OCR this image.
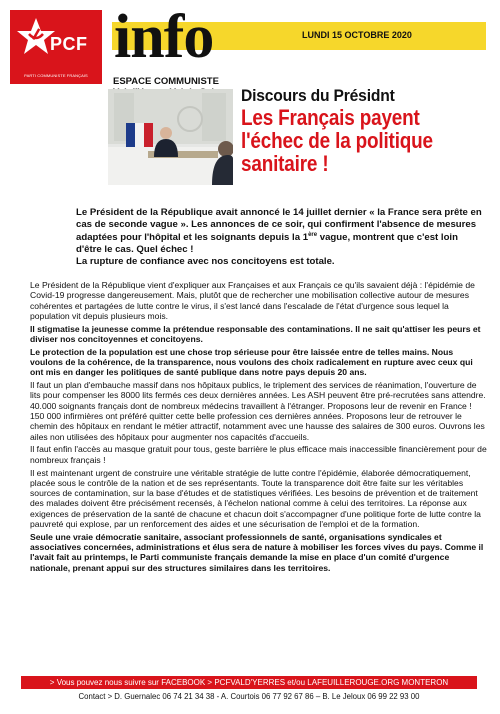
PCF
PARTI COMMUNISTE FRANÇAIS
info	LUNDI 15 OCTOBRE 2020
ESPACE COMMUNISTE
Discours du Présidnt
Les Français payent
l'échec de la politique
sanitaire !
Le Président de la République avait annoncé le 14 juillet dernier « la France sera prête en cas de seconde vague ». Les annonces de ce soir, qui confirment l'absence de mesures adaptées pour l'hôpital et les soignants depuis la 1ère vague, montrent que c'est loin d'être le cas. Quel échec !
La rupture de confiance avec nos concitoyens est totale.

Le Président de la République vient d'expliquer aux Françaises et aux Français ce qu'ils savaient déjà : l'épidémie de Covid-19 progresse dangereusement. Mais, plutôt que de rechercher une mobilisation collective autour de mesures cohérentes et partagées de lutte contre le virus, il s'est lancé dans l'escalade de l'état d'urgence sous lequel la population vit depuis plusieurs mois.

Il stigmatise la jeunesse comme la prétendue responsable des contaminations. Il ne sait qu'attiser les peurs et diviser nos concitoyennes et concitoyens.

Le protection de la population est une chose trop sérieuse pour être laissée entre de telles mains. Nous voulons de la cohérence, de la transparence, nous voulons des choix radicalement en rupture avec ceux qui ont mis en danger les politiques de santé publique dans notre pays depuis 20 ans.

Il faut un plan d'embauche massif dans nos hôpitaux publics, le triplement des services de réanimation, l'ouverture de lits pour compenser les 8000 lits fermés ces deux dernières années. Les ASH peuvent être pré-recrutées sans attendre. 40.000 soignants français dont de nombreux médecins travaillent à l'étranger. Proposons leur de revenir en France ! 150 000 infirmières ont préféré quitter cette belle profession ces dernières années. Proposons leur de retrouver le chemin des hôpitaux en rendant le métier attractif, notamment avec une hausse des salaires de 300 euros. Ouvrons les ailes non utilisées des hôpitaux pour augmenter nos capacités d'accueils.

Il faut enfin l'accès au masque gratuit pour tous, geste barrière le plus efficace mais inaccessible financièrement pour de nombreux français !

Il est maintenant urgent de construire une véritable stratégie de lutte contre l'épidémie, élaborée démocratiquement, placée sous le contrôle de la nation et de ses représentants. Toute la transparence doit être faite sur les véritables sources de contamination, sur la base d'études et de statistiques vérifiées. Les besoins de prévention et de traitement des malades doivent être précisément recensés, à l'échelon national comme à celui des territoires. La réponse aux exigences de préservation de la santé de chacune et chacun doit s'accompagner d'une politique forte de lutte contre la pauvreté qui explose, par un renforcement des aides et une sécurisation de l'emploi et de la formation.

Seule une vraie démocratie sanitaire, associant professionnels de santé, organisations syndicales et associatives concernées, administrations et élus sera de nature à mobiliser les forces vives du pays. Comme il l'avait fait au printemps, le Parti communiste français demande la mise en place d'un comité d'urgence nationale, prenant appui sur des structures similaires dans les territoires.

> Vous pouvez nous suivre sur FACEBOOK > PCFVALD'YERRES et/ou LAFEUILLEROUGE.ORG MONTERON
Contact > D. Guernalec 06 74 21 34 38 - A. Courtois 06 77 92 67 86 – B. Le Jeloux 06 99 22 93 00
